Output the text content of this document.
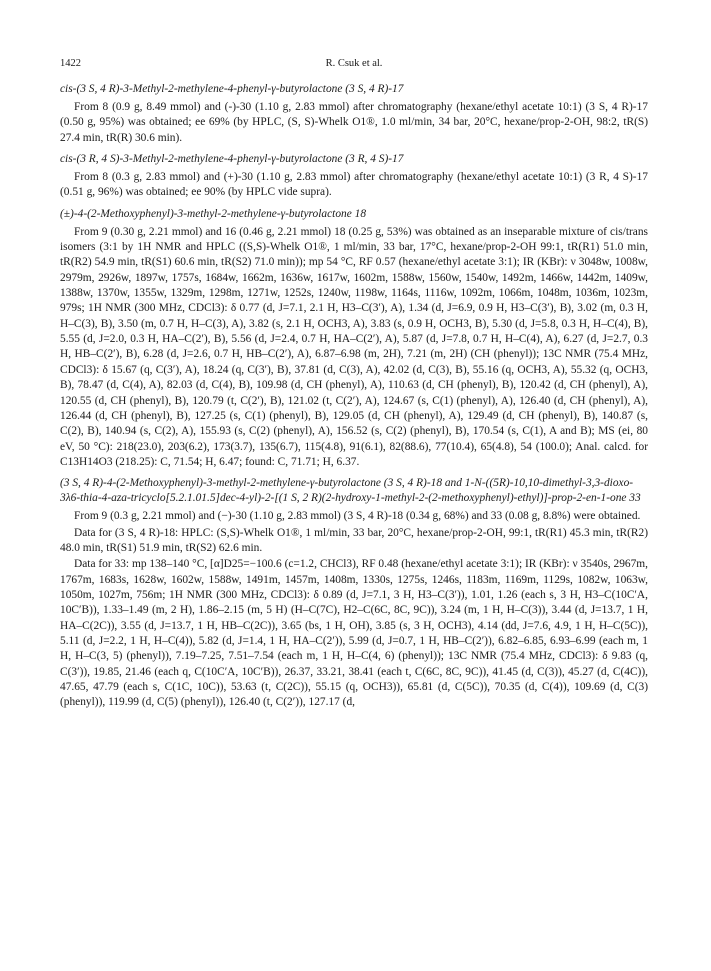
1422	R. Csuk et al.

cis-(3 S, 4 R)-3-Methyl-2-methylene-4-phenyl-γ-butyrolactone (3 S, 4 R)-17

From 8 (0.9 g, 8.49 mmol) and (-)-30 (1.10 g, 2.83 mmol) after chromatography (hexane/ethyl acetate 10:1) (3 S, 4 R)-17 (0.50 g, 95%) was obtained; ee 69% (by HPLC, (S, S)-Whelk O1®, 1.0 ml/min, 34 bar, 20°C, hexane/prop-2-OH, 98:2, tR(S) 27.4 min, tR(R) 30.6 min).

cis-(3 R, 4 S)-3-Methyl-2-methylene-4-phenyl-γ-butyrolactone (3 R, 4 S)-17

From 8 (0.3 g, 2.83 mmol) and (+)-30 (1.10 g, 2.83 mmol) after chromatography (hexane/ethyl acetate 10:1) (3 R, 4 S)-17 (0.51 g, 96%) was obtained; ee 90% (by HPLC vide supra).

(±)-4-(2-Methoxyphenyl)-3-methyl-2-methylene-γ-butyrolactone 18

From 9 (0.30 g, 2.21 mmol) and 16 (0.46 g, 2.21 mmol) 18 (0.25 g, 53%) was obtained as an inseparable mixture of cis/trans isomers (3:1 by 1H NMR and HPLC ((S,S)-Whelk O1®, 1 ml/min, 33 bar, 17°C, hexane/prop-2-OH 99:1, tR(R1) 51.0 min, tR(R2) 54.9 min, tR(S1) 60.6 min, tR(S2) 71.0 min)); mp 54 °C, RF 0.57 (hexane/ethyl acetate 3:1); IR (KBr): ν 3048w, 1008w, 2979m, 2926w, 1897w, 1757s, 1684w, 1662m, 1636w, 1617w, 1602m, 1588w, 1560w, 1540w, 1492m, 1466w, 1442m, 1409w, 1388w, 1370w, 1355w, 1329m, 1298m, 1271w, 1252s, 1240w, 1198w, 1164s, 1116w, 1092m, 1066m, 1048m, 1036m, 1023m, 979s; 1H NMR (300 MHz, CDCl3): δ 0.77 (d, J=7.1, 2.1 H, H3–C(3′), A), 1.34 (d, J=6.9, 0.9 H, H3–C(3′), B), 3.02 (m, 0.3 H, H–C(3), B), 3.50 (m, 0.7 H, H–C(3), A), 3.82 (s, 2.1 H, OCH3, A), 3.83 (s, 0.9 H, OCH3, B), 5.30 (d, J=5.8, 0.3 H, H–C(4), B), 5.55 (d, J=2.0, 0.3 H, HA–C(2′), B), 5.56 (d, J=2.4, 0.7 H, HA–C(2′), A), 5.87 (d, J=7.8, 0.7 H, H–C(4), A), 6.27 (d, J=2.7, 0.3 H, HB–C(2′), B), 6.28 (d, J=2.6, 0.7 H, HB–C(2′), A), 6.87–6.98 (m, 2H), 7.21 (m, 2H) (CH (phenyl)); 13C NMR (75.4 MHz, CDCl3): δ 15.67 (q, C(3′), A), 18.24 (q, C(3′), B), 37.81 (d, C(3), A), 42.02 (d, C(3), B), 55.16 (q, OCH3, A), 55.32 (q, OCH3, B), 78.47 (d, C(4), A), 82.03 (d, C(4), B), 109.98 (d, CH (phenyl), A), 110.63 (d, CH (phenyl), B), 120.42 (d, CH (phenyl), A), 120.55 (d, CH (phenyl), B), 120.79 (t, C(2′), B), 121.02 (t, C(2′), A), 124.67 (s, C(1) (phenyl), A), 126.40 (d, CH (phenyl), A), 126.44 (d, CH (phenyl), B), 127.25 (s, C(1) (phenyl), B), 129.05 (d, CH (phenyl), A), 129.49 (d, CH (phenyl), B), 140.87 (s, C(2), B), 140.94 (s, C(2), A), 155.93 (s, C(2) (phenyl), A), 156.52 (s, C(2) (phenyl), B), 170.54 (s, C(1), A and B); MS (ei, 80 eV, 50 °C): 218(23.0), 203(6.2), 173(3.7), 135(6.7), 115(4.8), 91(6.1), 82(88.6), 77(10.4), 65(4.8), 54 (100.0); Anal. calcd. for C13H14O3 (218.25): C, 71.54; H, 6.47; found: C, 71.71; H, 6.37.

(3 S, 4 R)-4-(2-Methoxyphenyl)-3-methyl-2-methylene-γ-butyrolactone (3 S, 4 R)-18 and 1-N-((5R)-10,10-dimethyl-3,3-dioxo-3λ6-thia-4-aza-tricyclo[5.2.1.01.5]dec-4-yl)-2-[(1 S, 2 R)(2-hydroxy-1-methyl-2-(2-methoxyphenyl)-ethyl)]-prop-2-en-1-one 33

From 9 (0.3 g, 2.21 mmol) and (−)-30 (1.10 g, 2.83 mmol) (3 S, 4 R)-18 (0.34 g, 68%) and 33 (0.08 g, 8.8%) were obtained.

Data for (3 S, 4 R)-18: HPLC: (S,S)-Whelk O1®, 1 ml/min, 33 bar, 20°C, hexane/prop-2-OH, 99:1, tR(R1) 45.3 min, tR(R2) 48.0 min, tR(S1) 51.9 min, tR(S2) 62.6 min.

Data for 33: mp 138–140 °C, [α]D25=−100.6 (c=1.2, CHCl3), RF 0.48 (hexane/ethyl acetate 3:1); IR (KBr): ν 3540s, 2967m, 1767m, 1683s, 1628w, 1602w, 1588w, 1491m, 1457m, 1408m, 1330s, 1275s, 1246s, 1183m, 1169m, 1129s, 1082w, 1063w, 1050m, 1027m, 756m; 1H NMR (300 MHz, CDCl3): δ 0.89 (d, J=7.1, 3 H, H3–C(3′)), 1.01, 1.26 (each s, 3 H, H3–C(10C′A, 10C′B)), 1.33–1.49 (m, 2 H), 1.86–2.15 (m, 5 H) (H–C(7C), H2–C(6C, 8C, 9C)), 3.24 (m, 1 H, H–C(3)), 3.44 (d, J=13.7, 1 H, HA–C(2C)), 3.55 (d, J=13.7, 1 H, HB–C(2C)), 3.65 (bs, 1 H, OH), 3.85 (s, 3 H, OCH3), 4.14 (dd, J=7.6, 4.9, 1 H, H–C(5C)), 5.11 (d, J=2.2, 1 H, H–C(4)), 5.82 (d, J=1.4, 1 H, HA–C(2′)), 5.99 (d, J=0.7, 1 H, HB–C(2′)), 6.82–6.85, 6.93–6.99 (each m, 1 H, H–C(3, 5) (phenyl)), 7.19–7.25, 7.51–7.54 (each m, 1 H, H–C(4, 6) (phenyl)); 13C NMR (75.4 MHz, CDCl3): δ 9.83 (q, C(3′)), 19.85, 21.46 (each q, C(10C′A, 10C′B)), 26.37, 33.21, 38.41 (each t, C(6C, 8C, 9C)), 41.45 (d, C(3)), 45.27 (d, C(4C)), 47.65, 47.79 (each s, C(1C, 10C)), 53.63 (t, C(2C)), 55.15 (q, OCH3)), 65.81 (d, C(5C)), 70.35 (d, C(4)), 109.69 (d, C(3) (phenyl)), 119.99 (d, C(5) (phenyl)), 126.40 (t, C(2′)), 127.17 (d,
